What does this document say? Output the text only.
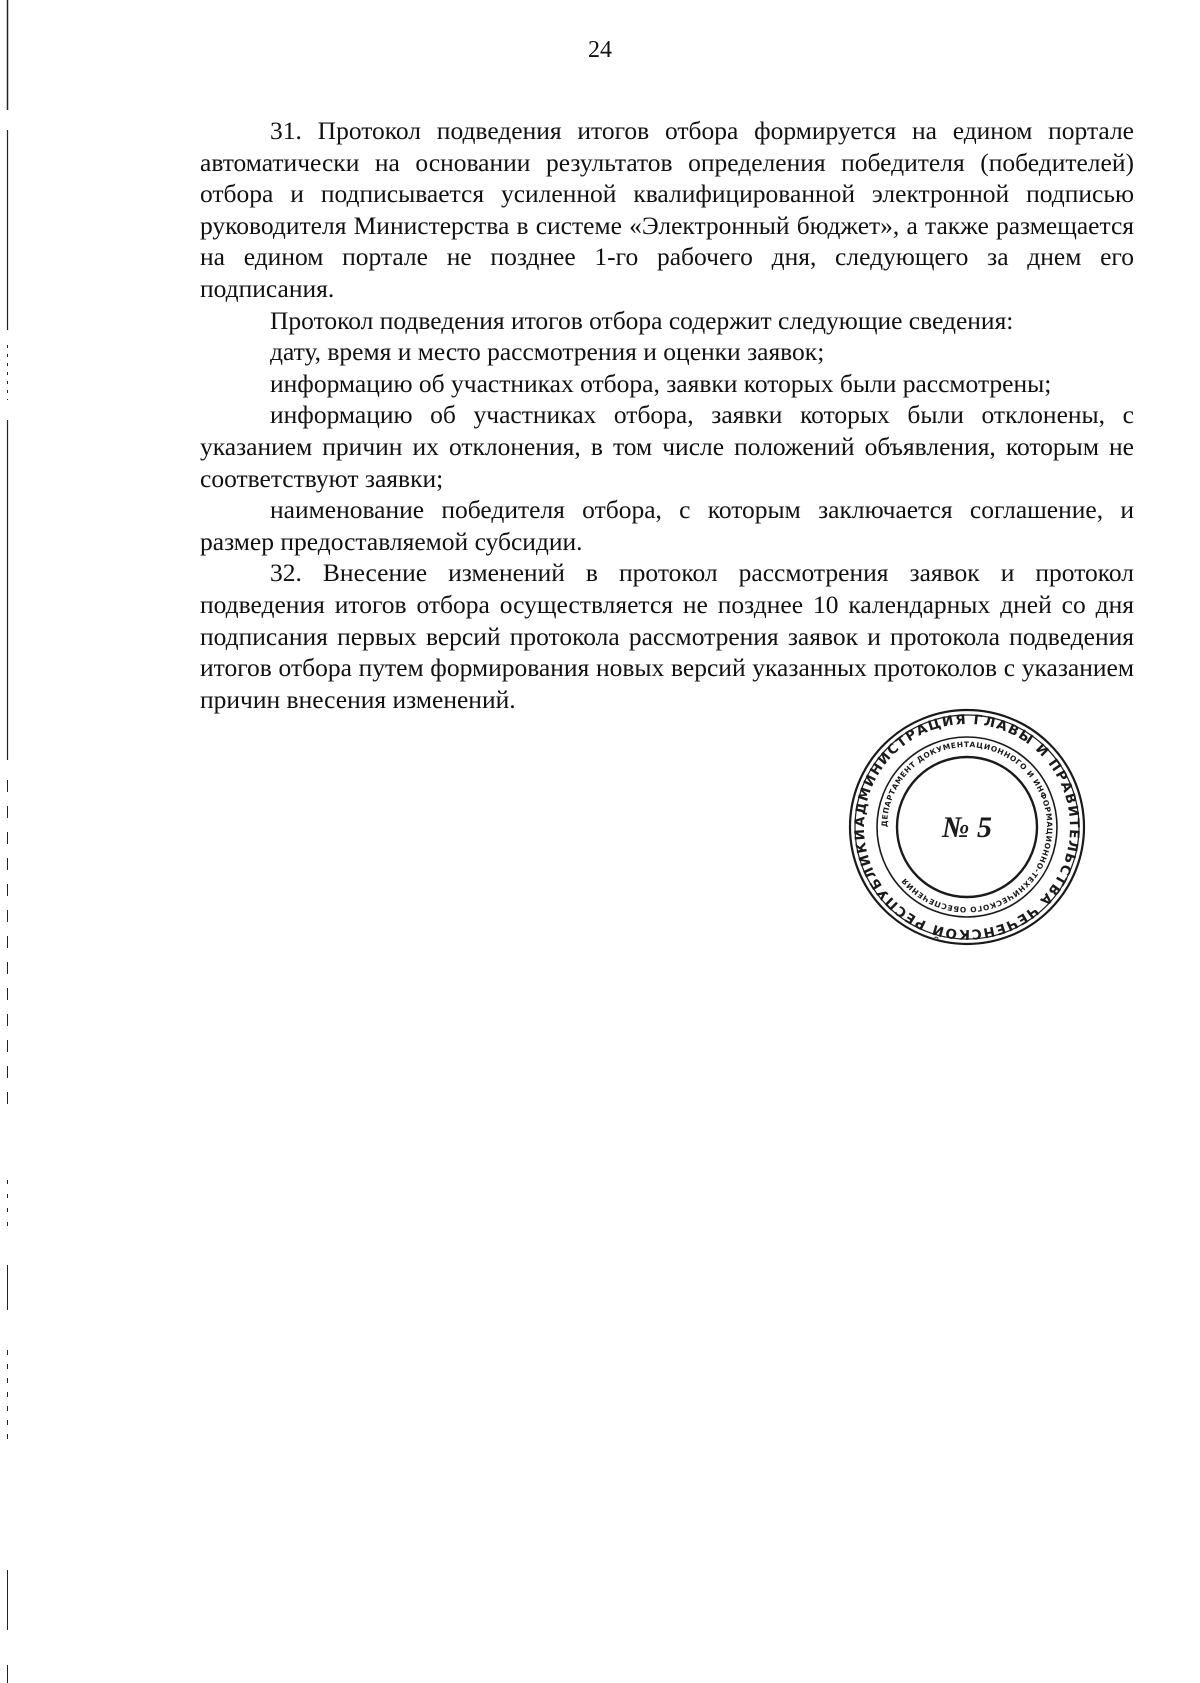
24

31. Протокол подведения итогов отбора формируется на едином портале автоматически на основании результатов определения победителя (победителей) отбора и подписывается усиленной квалифицированной электронной подписью руководителя Министерства в системе «Электронный бюджет», а также размещается на едином портале не позднее 1-го рабочего дня, следующего за днем его подписания.

Протокол подведения итогов отбора содержит следующие сведения:

дату, время и место рассмотрения и оценки заявок;

информацию об участниках отбора, заявки которых были рассмотрены;

информацию об участниках отбора, заявки которых были отклонены, с указанием причин их отклонения, в том числе положений объявления, которым не соответствуют заявки;

наименование победителя отбора, с которым заключается соглашение, и размер предоставляемой субсидии.

32. Внесение изменений в протокол рассмотрения заявок и протокол подведения итогов отбора осуществляется не позднее 10 календарных дней со дня подписания первых версий протокола рассмотрения заявок и протокола подведения итогов отбора путем формирования новых версий указанных протоколов с указанием причин внесения изменений.

АДМИНИСТРАЦИЯ ГЛАВЫ И ПРАВИТЕЛЬСТВА ЧЕЧЕНСКОЙ РЕСПУБЛИКИ
ДЕПАРТАМЕНТ ДОКУМЕНТАЦИОННОГО И ИНФОРМАЦИОННО-ТЕХНИЧЕСКОГО ОБЕСПЕЧЕНИЯ
№ 5
